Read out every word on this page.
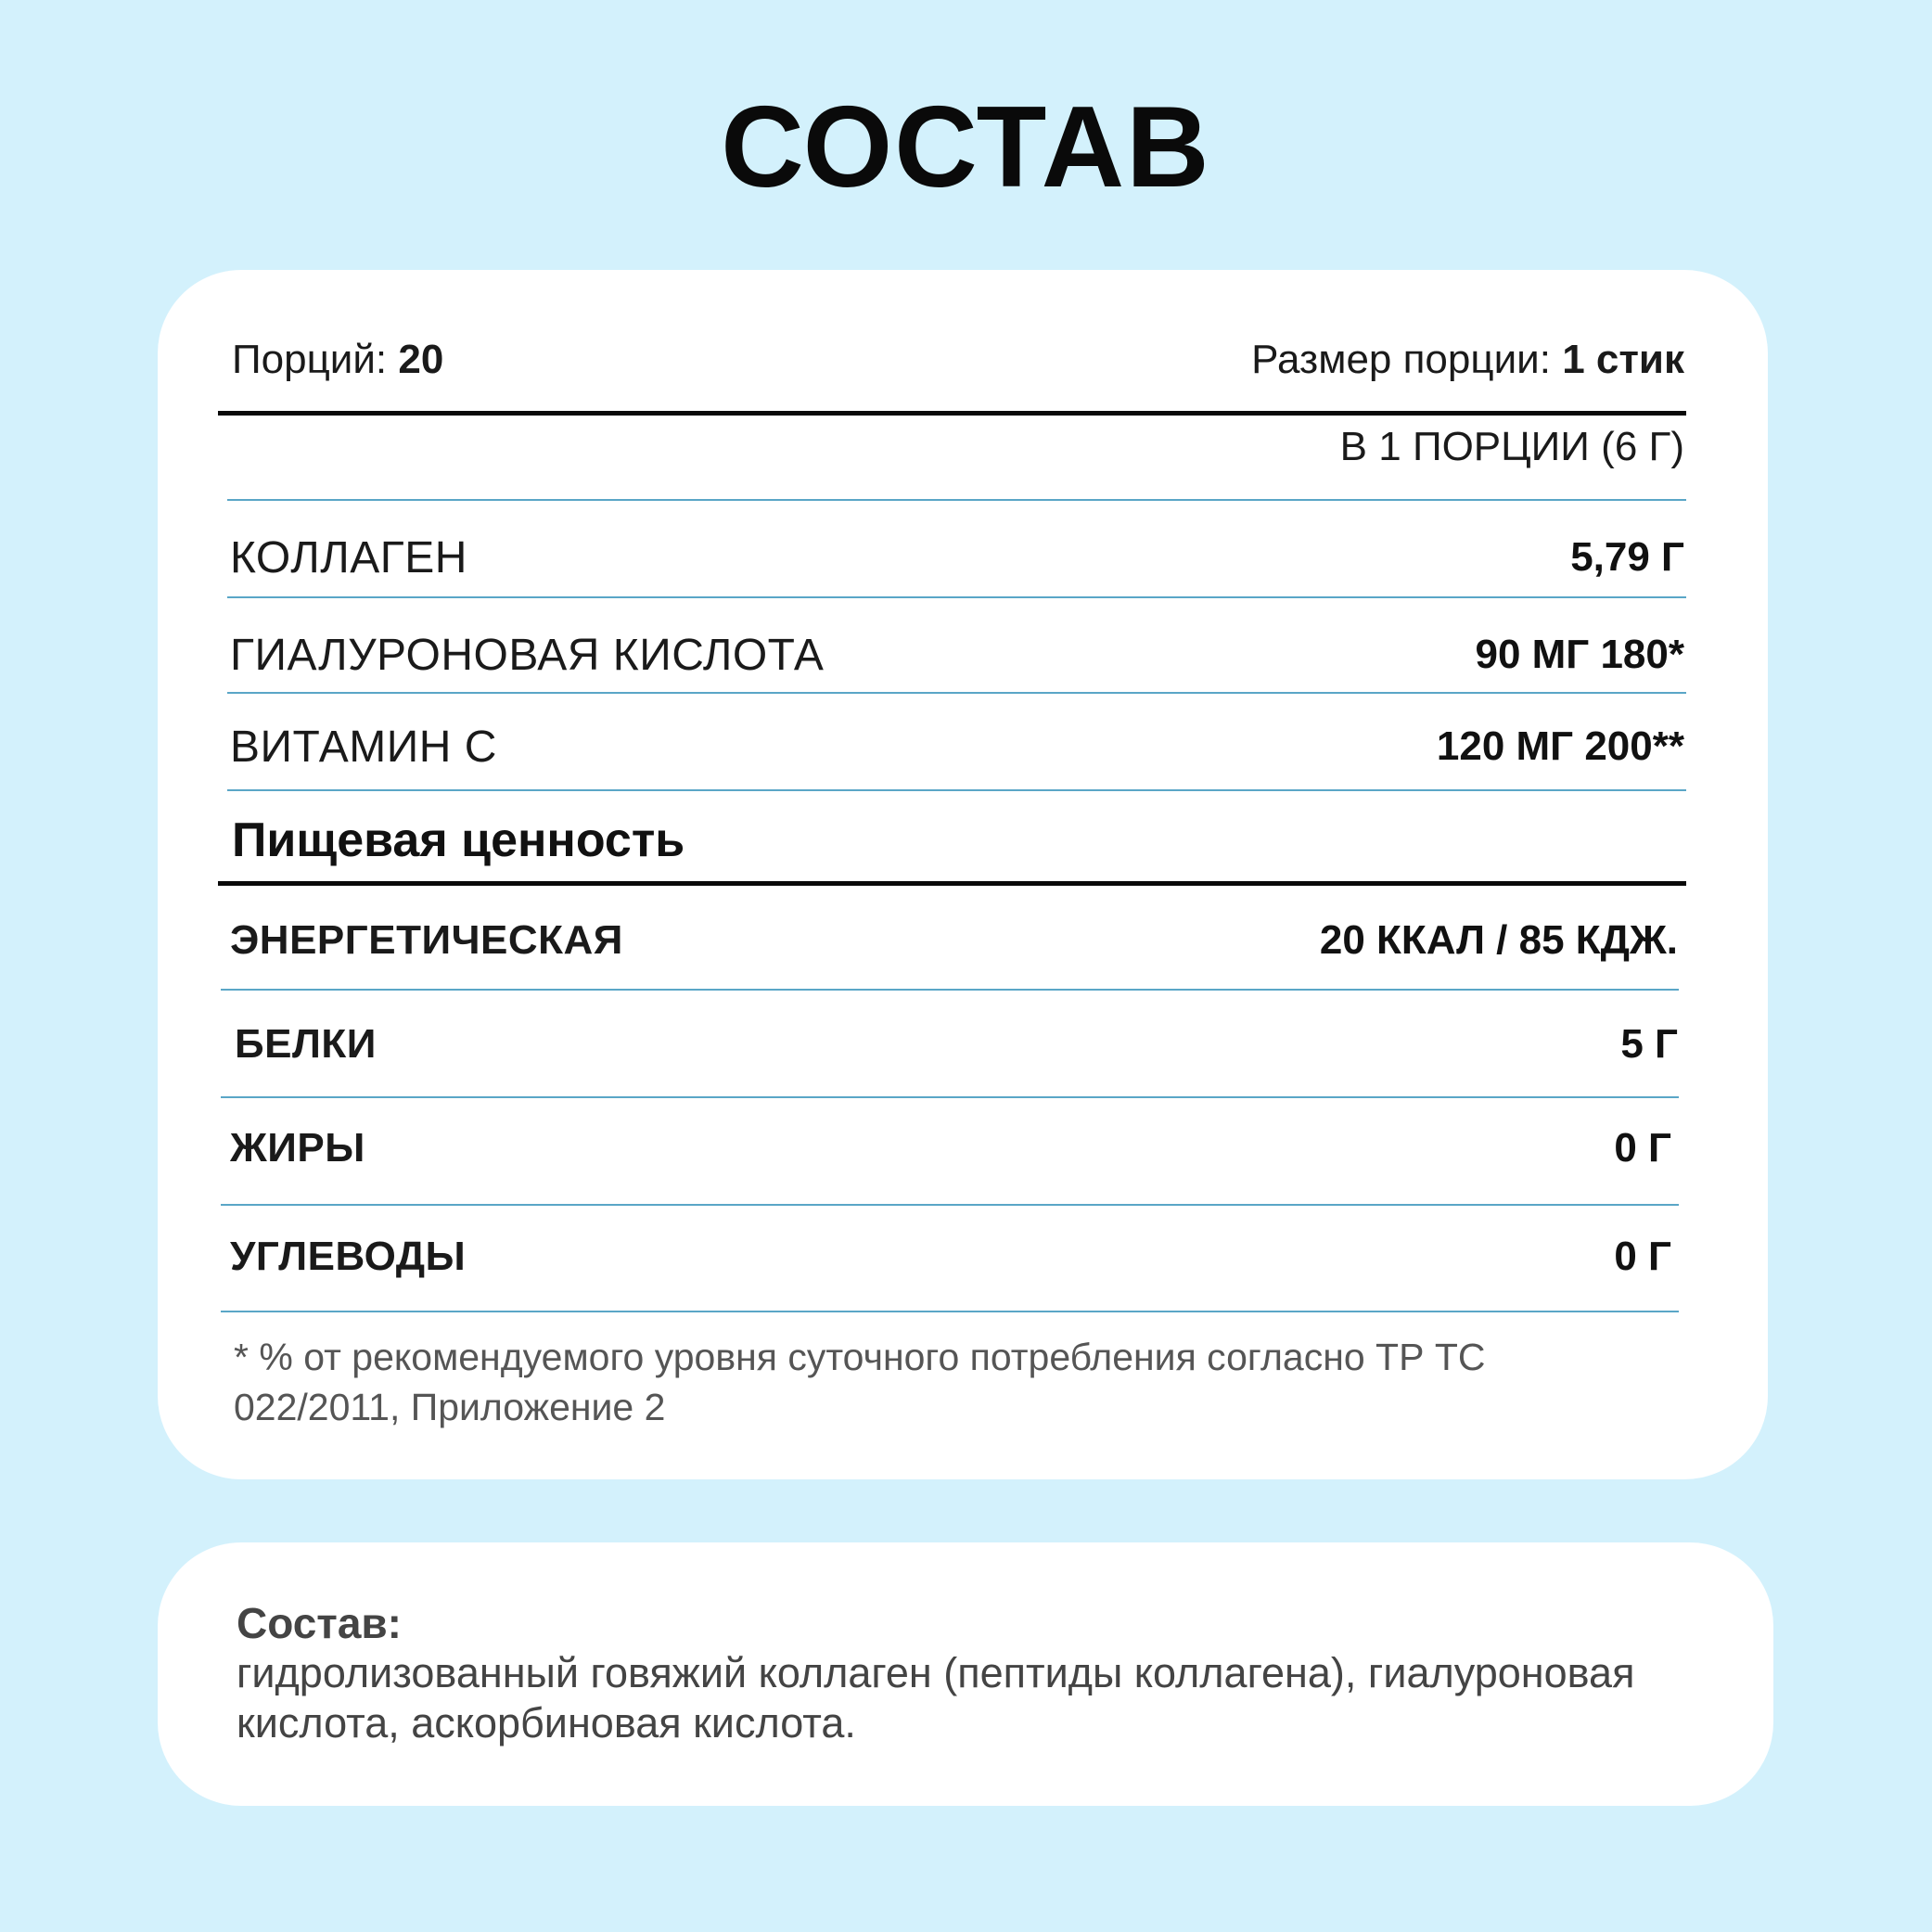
СОСТАВ
Порций: 20	Размер порции: 1 стик
В 1 ПОРЦИИ (6 Г)
КОЛЛАГЕН	5,79 Г
ГИАЛУРОНОВАЯ КИСЛОТА	90 МГ 180*
ВИТАМИН С	120 МГ 200**
Пищевая ценность
ЭНЕРГЕТИЧЕСКАЯ	20 ККАЛ / 85 КДЖ.
БЕЛКИ	5 Г
ЖИРЫ	0 Г
УГЛЕВОДЫ	0 Г
* % от рекомендуемого уровня суточного потребления согласно ТР ТС 022/2011, Приложение 2
Состав:
гидролизованный говяжий коллаген (пептиды коллагена), гиалуроновая кислота, аскорбиновая кислота.
